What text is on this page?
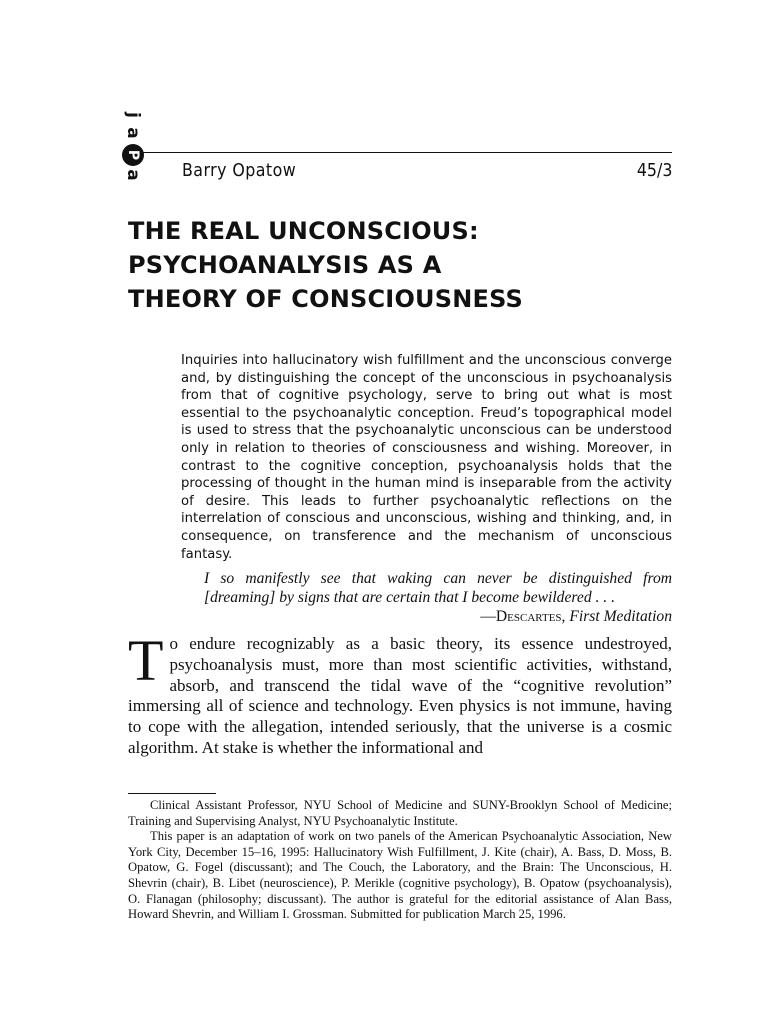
j
a
P
a Barry Opatow	45/3
THE REAL UNCONSCIOUS:
PSYCHOANALYSIS AS A
THEORY OF CONSCIOUSNESS
Inquiries into hallucinatory wish fulfillment and the unconscious converge and, by distinguishing the concept of the unconscious in psychoanalysis from that of cognitive psychology, serve to bring out what is most essential to the psychoanalytic conception. Freud’s topographical model is used to stress that the psychoanalytic unconscious can be understood only in relation to theories of consciousness and wishing. Moreover, in contrast to the cognitive conception, psychoanalysis holds that the processing of thought in the human mind is inseparable from the activity of desire. This leads to further psychoanalytic reflections on the interrelation of conscious and unconscious, wishing and thinking, and, in consequence, on transference and the mechanism of unconscious fantasy.
I so manifestly see that waking can never be distinguished from [dreaming] by signs that are certain that I become bewildered . . .
—Descartes, First Meditation
To endure recognizably as a basic theory, its essence undestroyed, psychoanalysis must, more than most scientific activities, withstand, absorb, and transcend the tidal wave of the “cognitive revolution” immersing all of science and technology. Even physics is not immune, having to cope with the allegation, intended seriously, that the universe is a cosmic algorithm. At stake is whether the informational and

Clinical Assistant Professor, NYU School of Medicine and SUNY-Brooklyn School of Medicine; Training and Supervising Analyst, NYU Psychoanalytic Institute.

This paper is an adaptation of work on two panels of the American Psychoanalytic Association, New York City, December 15–16, 1995: Hallucinatory Wish Fulfillment, J. Kite (chair), A. Bass, D. Moss, B. Opatow, G. Fogel (discussant); and The Couch, the Laboratory, and the Brain: The Unconscious, H. Shevrin (chair), B. Libet (neuroscience), P. Merikle (cognitive psychology), B. Opatow (psychoanalysis), O. Flanagan (philosophy; discussant). The author is grateful for the editorial assistance of Alan Bass, Howard Shevrin, and William I. Grossman. Submitted for publication March 25, 1996.
